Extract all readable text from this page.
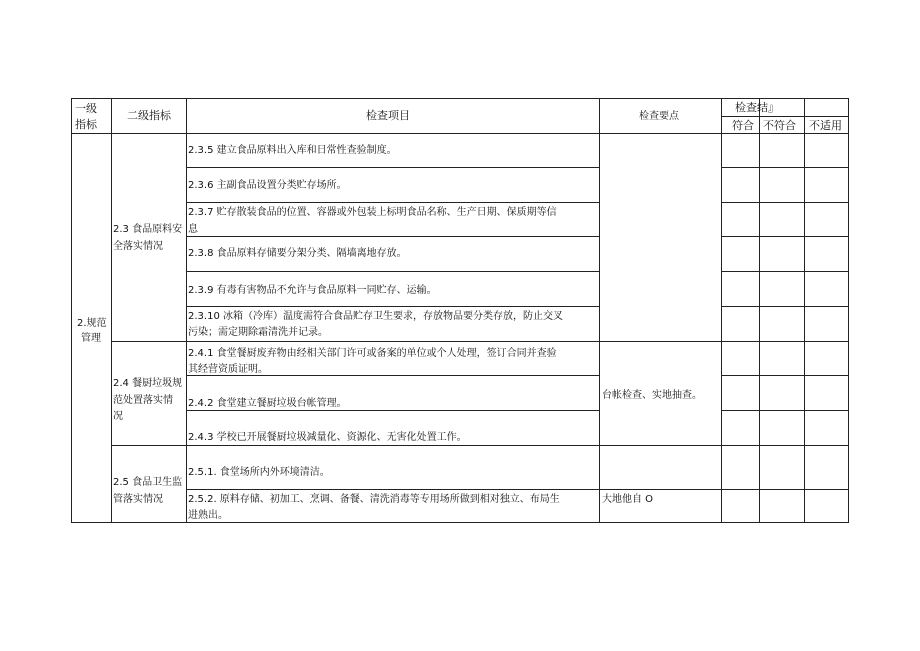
一级
指标
二级指标	检查项目	检查要点
检查结』
符合 不符合 不适用
2.规范
管理
2.3 食品原料安
全落实情况
2.4 餐厨垃圾规
范处置落实情
况
2.5 食品卫生监
管落实情况
2.3.5 建立食品原料出入库和日常性查验制度。
2.3.6 主副食品设置分类贮存场所。
2.3.7 贮存散装食品的位置、容器或外包装上标明食品名称、生产日期、保质期等信
息
2.3.8 食品原料存储要分架分类、隔墙离地存放。
2.3.9 有毒有害物品不允许与食品原料一同贮存、运输。
2.3.10 冰箱（冷库）温度需符合食品贮存卫生要求，存放物品要分类存放，防止交叉
污染；需定期除霜清洗并记录。
2.4.1 食堂餐厨废弃物由经相关部门许可或备案的单位或个人处理，签订合同并查验
其经营资质证明。
2.4.2 食堂建立餐厨垃圾台帐管理。
2.4.3 学校已开展餐厨垃圾减量化、资源化、无害化处置工作。
2.5.1. 食堂场所内外环境清洁。
2.5.2. 原料存储、初加工、烹调、备餐、清洗消毒等专用场所做到相对独立、布局生
进熟出。
台帐检查、实地抽查。
大地他自 O
